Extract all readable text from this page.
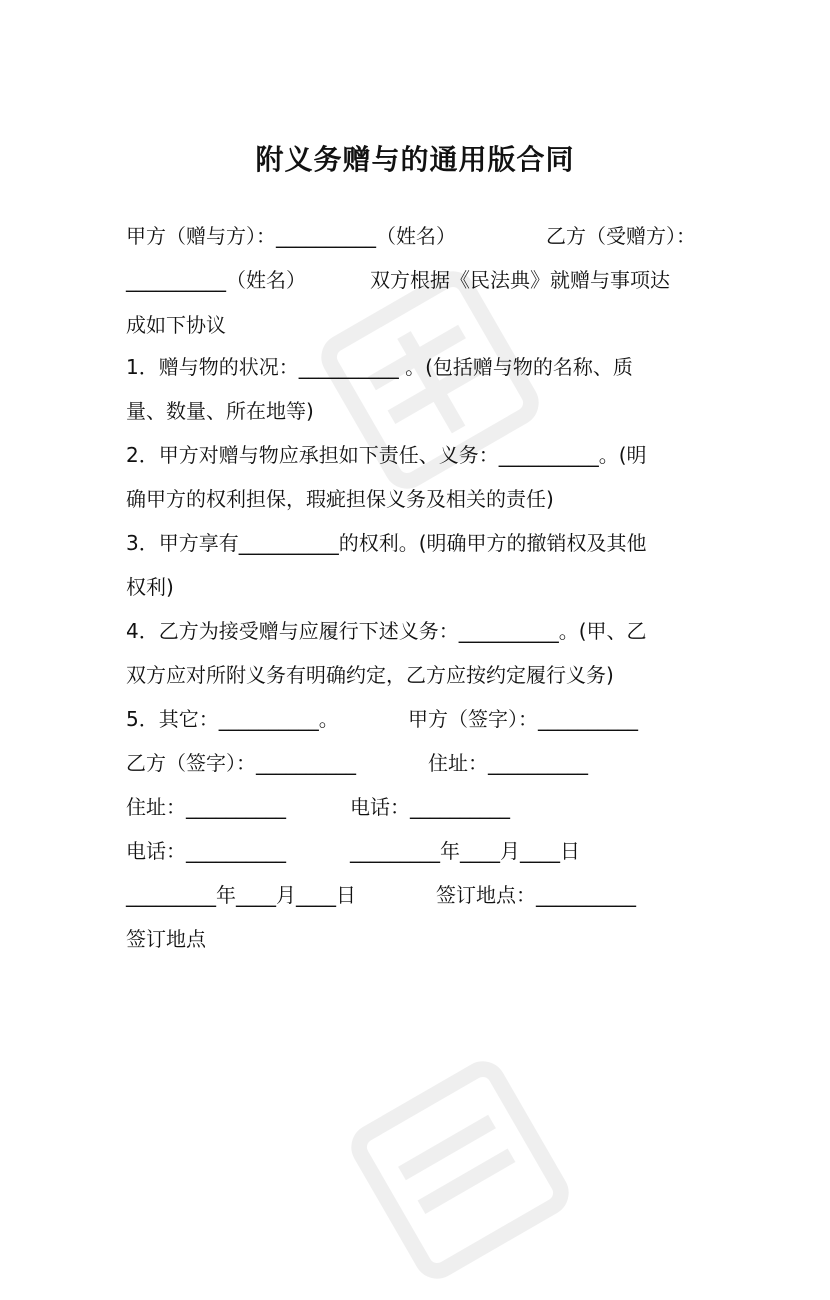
附义务赠与的通用版合同
甲方（赠与方）：__________（姓名）	乙方（受赠方）：
__________（姓名）	双方根据《民法典》就赠与事项达
成如下协议
1．赠与物的状况：__________ 。(包括赠与物的名称、质
量、数量、所在地等)
2．甲方对赠与物应承担如下责任、义务：__________。(明
确甲方的权利担保，瑕疵担保义务及相关的责任)
3．甲方享有__________的权利。(明确甲方的撤销权及其他
权利)
4．乙方为接受赠与应履行下述义务：__________。(甲、乙
双方应对所附义务有明确约定，乙方应按约定履行义务)
5．其它：__________。	甲方（签字）：__________
乙方（签字）：__________	住址：__________
住址：__________	电话：__________
电话：__________	_________年____月____日
_________年____月____日	签订地点：__________
签订地点
